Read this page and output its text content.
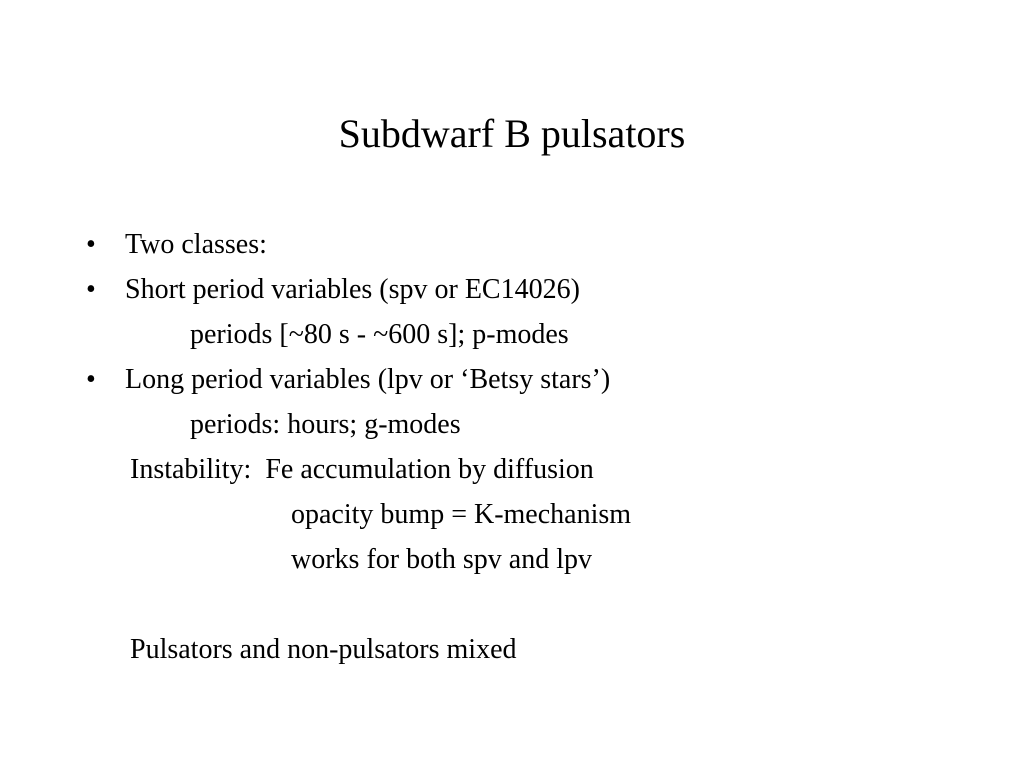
Subdwarf B pulsators
• Two classes:
• Short period variables (spv or EC14026)
periods [~80 s - ~600 s]; p-modes
• Long period variables (lpv or ‘Betsy stars’)
periods: hours; g-modes
Instability:  Fe accumulation by diffusion
opacity bump = K-mechanism
works for both spv and lpv
Pulsators and non-pulsators mixed
